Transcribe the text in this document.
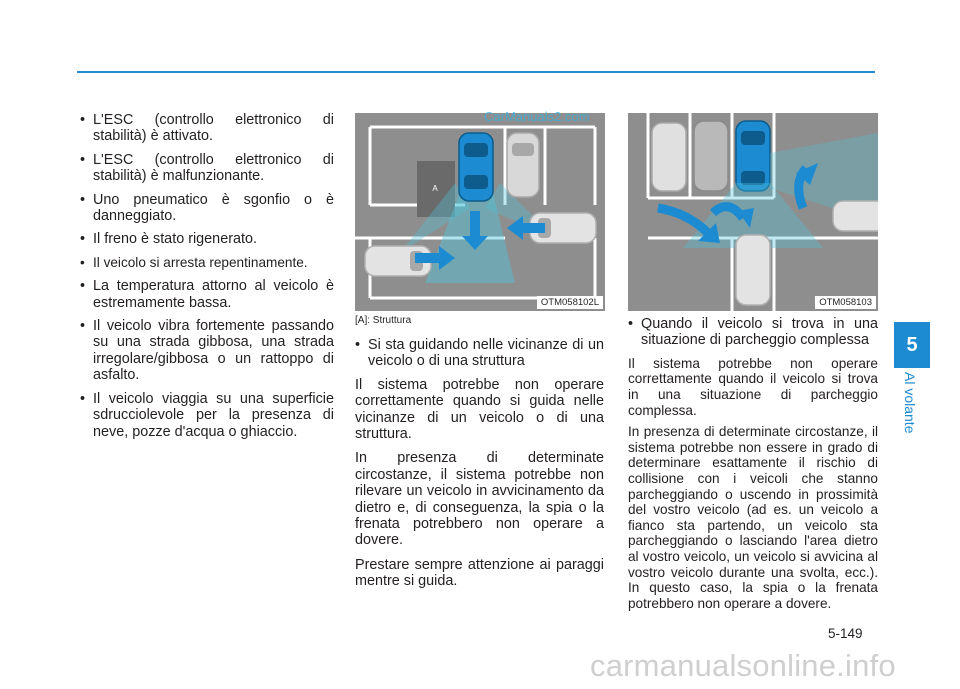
• L'ESC (controllo elettronico di stabilità) è attivato.
• L'ESC (controllo elettronico di stabilità) è malfunzionante.
• Uno pneumatico è sgonfio o è danneggiato.
• Il freno è stato rigenerato.
• Il veicolo si arresta repentinamente.
• La temperatura attorno al veicolo è estremamente bassa.
• Il veicolo vibra fortemente passando su una strada gibbosa, una strada irregolare/gibbosa o un rattoppo di asfalto.
• Il veicolo viaggia su una superficie sdrucciolevole per la presenza di neve, pozze d'acqua o ghiaccio.
A
OTM058102L
CarManuals2.com
OTM058103
[A]: Struttura
• Si sta guidando nelle vicinanze di un veicolo o di una struttura

Il sistema potrebbe non operare correttamente quando si guida nelle vicinanze di un veicolo o di una struttura.

In presenza di determinate circostanze, il sistema potrebbe non rilevare un veicolo in avvicinamento da dietro e, di conseguenza, la spia o la frenata potrebbero non operare a dovere.

Prestare sempre attenzione ai paraggi mentre si guida.

• Quando il veicolo si trova in una situazione di parcheggio complessa

Il sistema potrebbe non operare correttamente quando il veicolo si trova in una situazione di parcheggio complessa.

In presenza di determinate circostanze, il sistema potrebbe non essere in grado di determinare esattamente il rischio di collisione con i veicoli che stanno parcheggiando o uscendo in prossimità del vostro veicolo (ad es. un veicolo a fianco sta partendo, un veicolo sta parcheggiando o lasciando l'area dietro al vostro veicolo, un veicolo si avvicina al vostro veicolo durante una svolta, ecc.). In questo caso, la spia o la frenata potrebbero non operare a dovere.

5
Al volante
5-149
carmanualsonline.info
